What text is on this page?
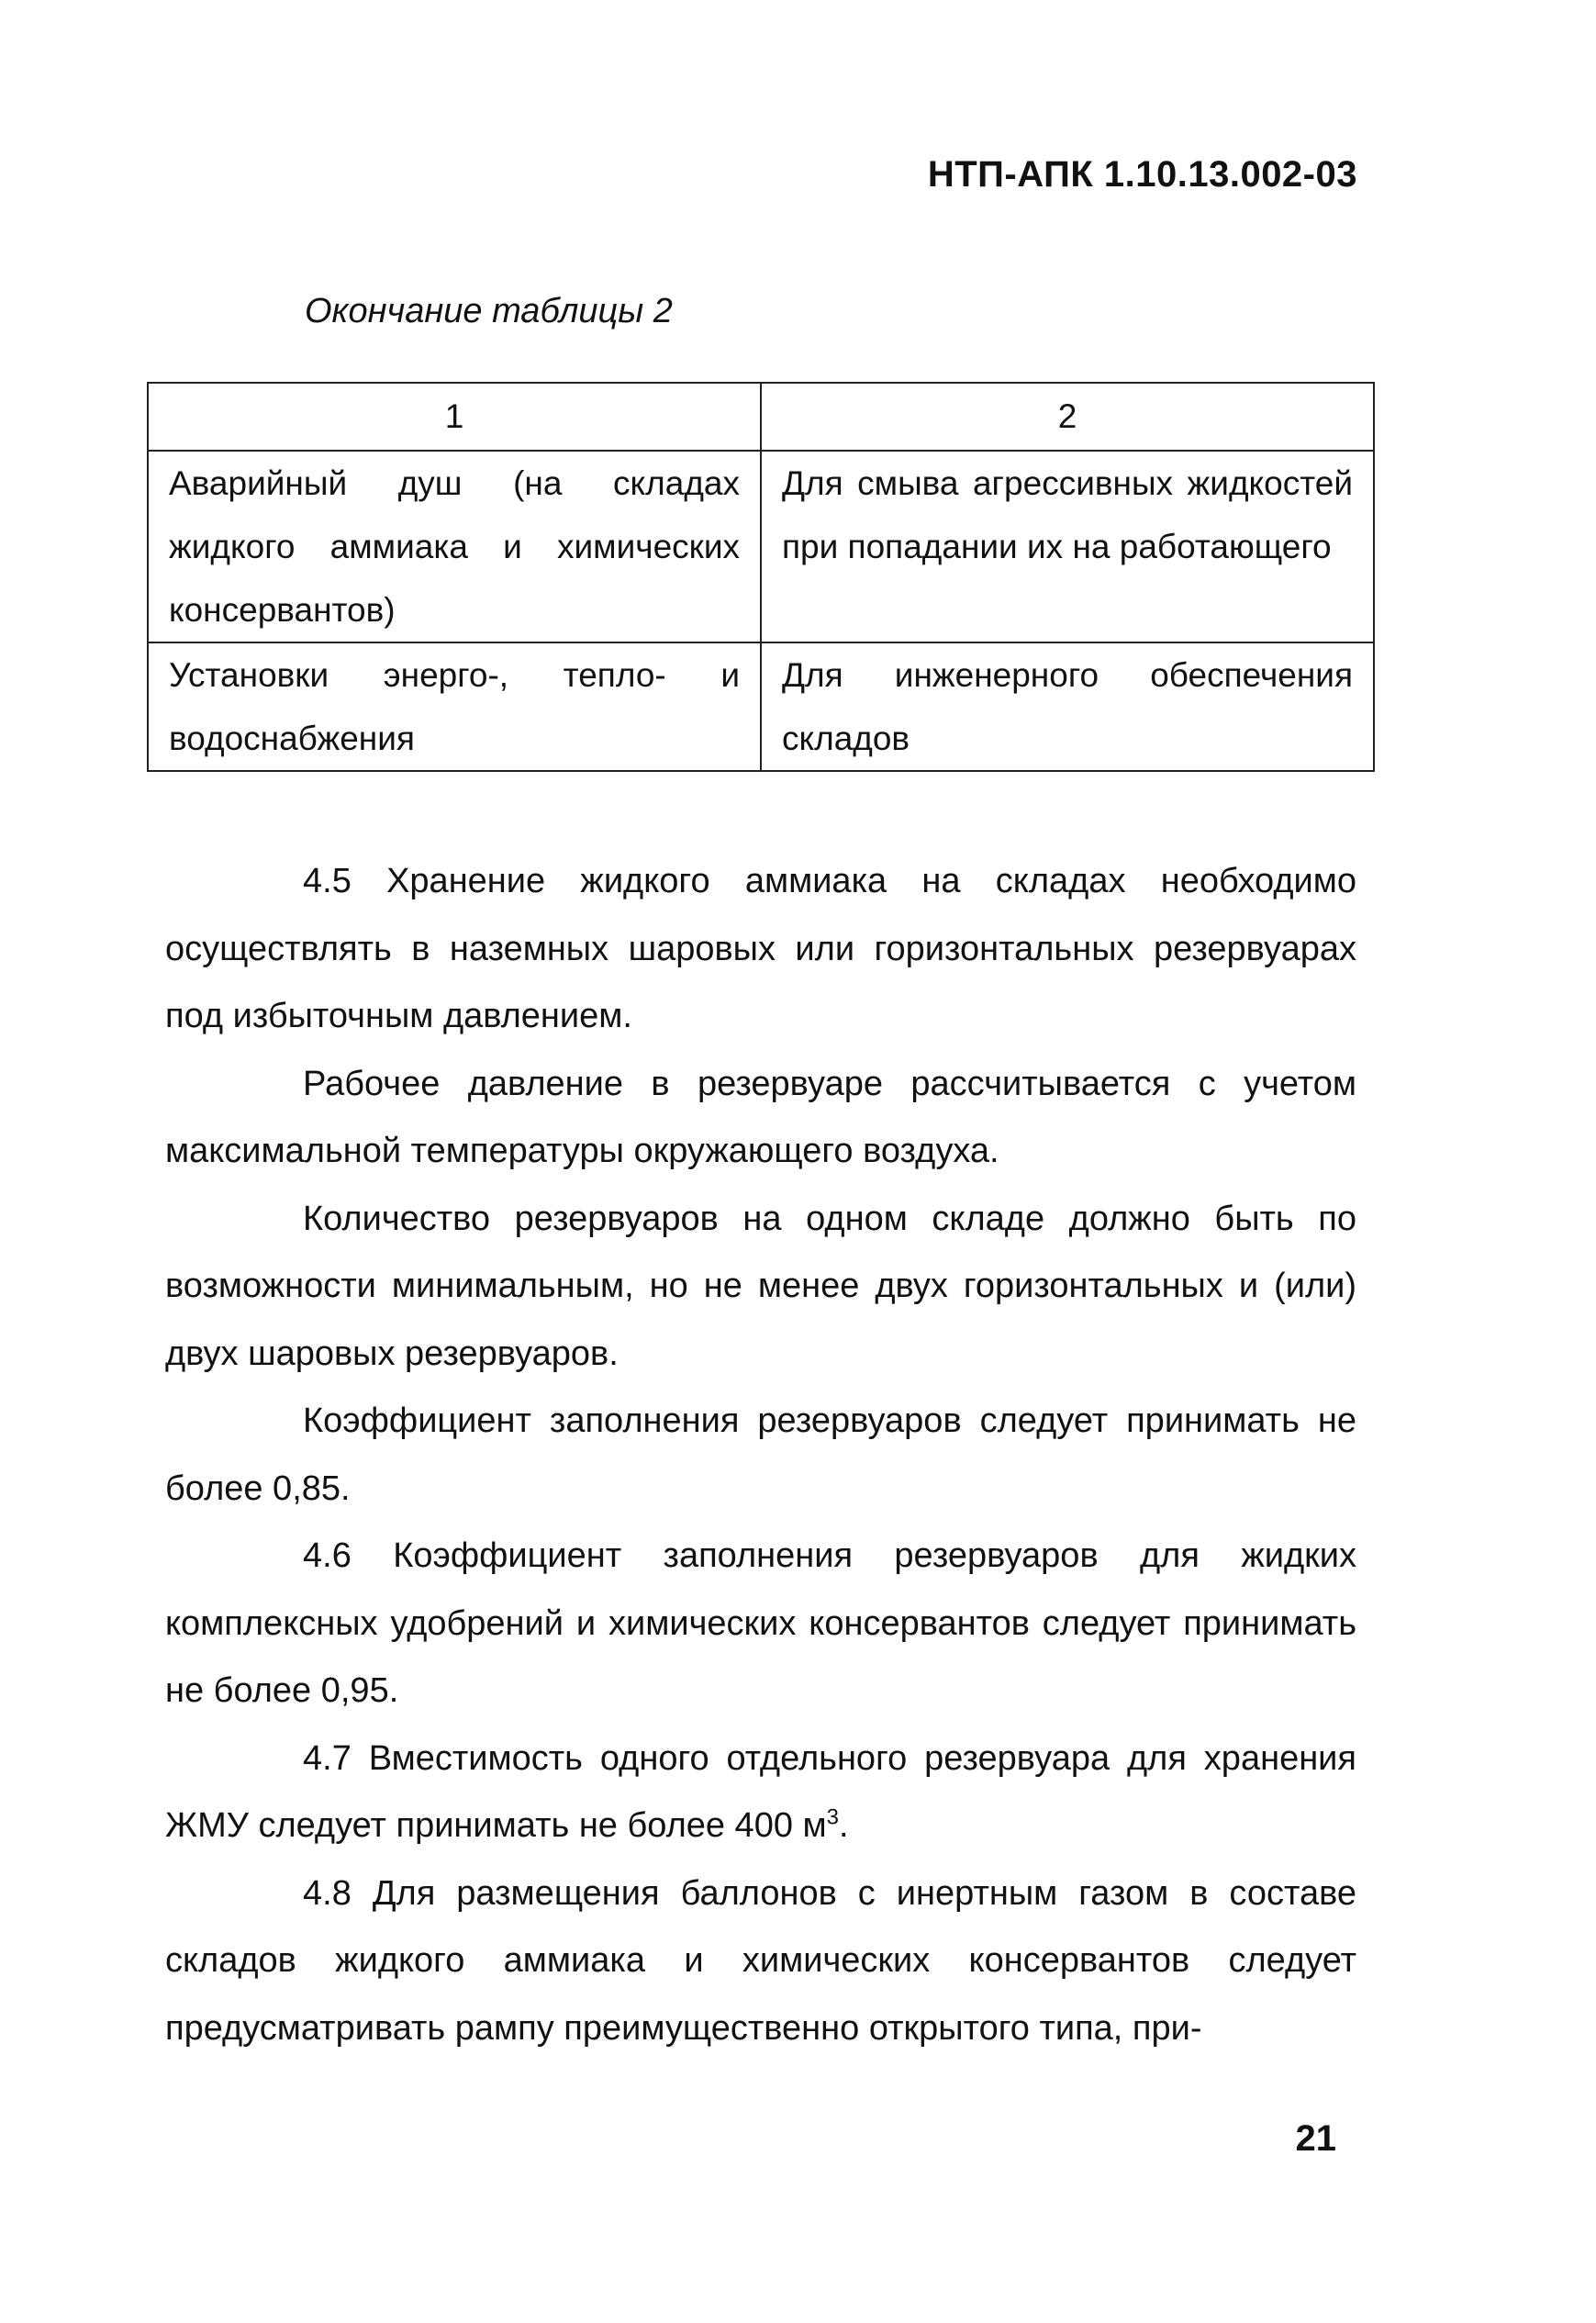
НТП-АПК 1.10.13.002-03
Окончание таблицы 2
1	2
Аварийный душ (на складах жидкого аммиака и химических консервантов)	Для смыва агрессивных жидкостей при попадании их на работающего
Установки энерго-, тепло- и водоснабжения	Для инженерного обеспечения складов

4.5 Хранение жидкого аммиака на складах необходимо осуществлять в наземных шаровых или горизонтальных резервуарах под избыточным давлением.

Рабочее давление в резервуаре рассчитывается с учетом максимальной температуры окружающего воздуха.

Количество резервуаров на одном складе должно быть по возможности минимальным, но не менее двух горизонтальных и (или) двух шаровых резервуаров.

Коэффициент заполнения резервуаров следует принимать не более 0,85.

4.6 Коэффициент заполнения резервуаров для жидких комплексных удобрений и химических консервантов следует принимать не более 0,95.

4.7 Вместимость одного отдельного резервуара для хранения ЖМУ следует принимать не более 400 $м^3$.

4.8 Для размещения баллонов с инертным газом в составе складов жидкого аммиака и химических консервантов следует предусматривать рампу преимущественно открытого типа, при-

21
